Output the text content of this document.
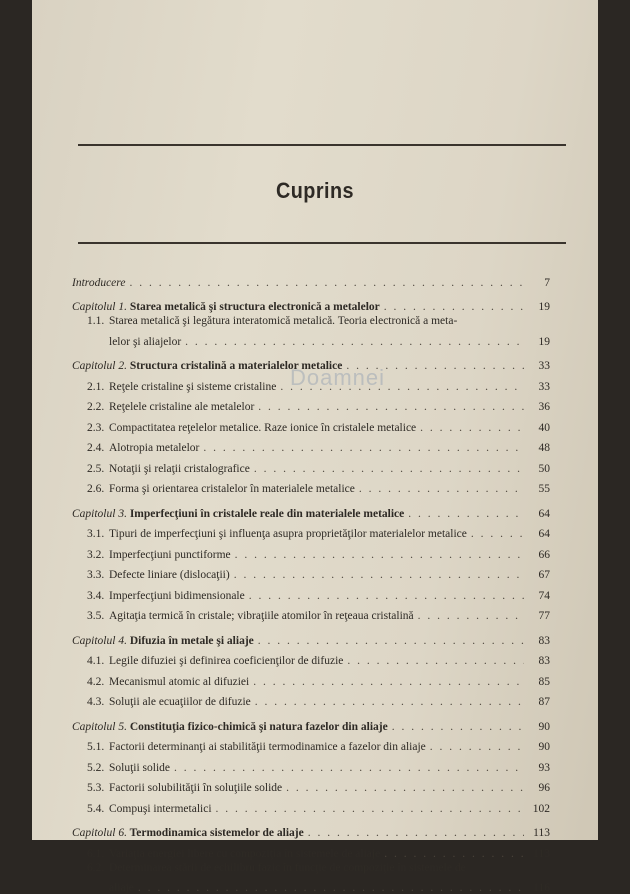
Cuprins
Doamnei
Introducere . . .	7
Capitolul 1. Starea metalică şi structura electronică a metalelor . . .	19
1.1. Starea metalică şi legătura interatomică metalică. Teoria electronică a meta-
lelor şi aliajelor . . .	19
Capitolul 2. Structura cristalină a materialelor metalice . . .	33
2.1. Reţele cristaline şi sisteme cristaline . . .	33
2.2. Reţelele cristaline ale metalelor . . .	36
2.3. Compactitatea reţelelor metalice. Raze ionice în cristalele metalice . . .	40
2.4. Alotropia metalelor . . .	48
2.5. Notaţii şi relaţii cristalografice . . .	50
2.6. Forma şi orientarea cristalelor în materialele metalice . . .	55
Capitolul 3. Imperfecţiuni în cristalele reale din materialele metalice . . .	64
3.1. Tipuri de imperfecţiuni şi influenţa asupra proprietăţilor materialelor metalice . . .	64
3.2. Imperfecţiuni punctiforme . . .	66
3.3. Defecte liniare (dislocaţii) . . .	67
3.4. Imperfecţiuni bidimensionale . . .	74
3.5. Agitaţia termică în cristale; vibraţiile atomilor în reţeaua cristalină . . .	77
Capitolul 4. Difuzia în metale şi aliaje . . .	83
4.1. Legile difuziei şi definirea coeficienţilor de difuzie . . .	83
4.2. Mecanismul atomic al difuziei . . .	85
4.3. Soluţii ale ecuaţiilor de difuzie . . .	87
Capitolul 5. Constituţia fizico-chimică şi natura fazelor din aliaje . . .	90
5.1. Factorii determinanţi ai stabilităţii termodinamice a fazelor din aliaje . . .	90
5.2. Soluţii solide . . .	93
5.3. Factorii solubilităţii în soluţiile solide . . .	96
5.4. Compuşi intermetalici . . .	102
Capitolul 6. Termodinamica sistemelor de aliaje . . .	113
6.1. Variaţia energiei libere cu compoziţia în sistemele de aliaje . . .	113
6.2. Determinarea stării de echilibru fazic în funcţie de compoziţie în sistemele de
aliaje . . .	116
